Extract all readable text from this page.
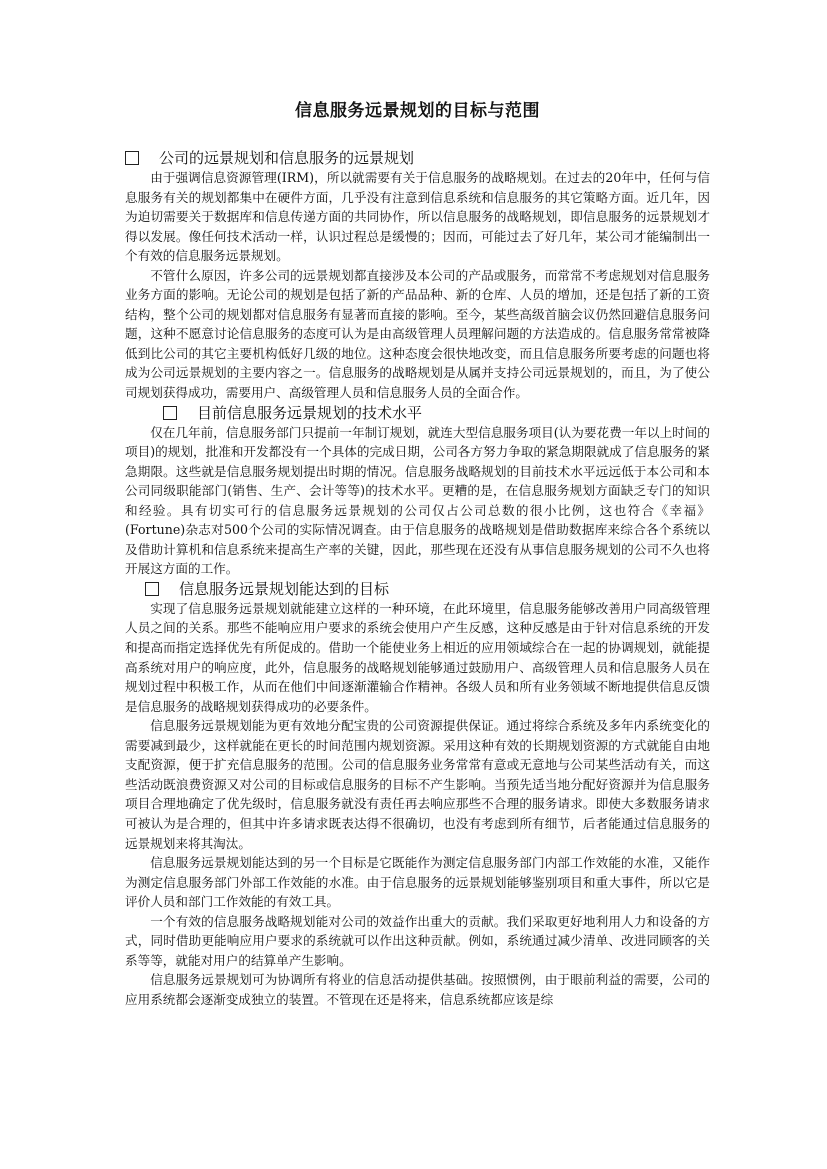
信息服务远景规划的目标与范围
公司的远景规划和信息服务的远景规划

由于强调信息资源管理(IRM)，所以就需要有关于信息服务的战略规划。在过去的20年中，任何与信息服务有关的规划都集中在硬件方面，几乎没有注意到信息系统和信息服务的其它策略方面。近几年，因为迫切需要关于数据库和信息传递方面的共同协作，所以信息服务的战略规划，即信息服务的远景规划才得以发展。像任何技术活动一样，认识过程总是缓慢的；因而，可能过去了好几年，某公司才能编制出一个有效的信息服务远景规划。

不管什么原因，许多公司的远景规划都直接涉及本公司的产品或服务，而常常不考虑规划对信息服务业务方面的影响。无论公司的规划是包括了新的产品品种、新的仓库、人员的增加，还是包括了新的工资结构，整个公司的规划都对信息服务有显著而直接的影响。至今，某些高级首脑会议仍然回避信息服务问题，这种不愿意讨论信息服务的态度可认为是由高级管理人员理解问题的方法造成的。信息服务常常被降低到比公司的其它主要机构低好几级的地位。这种态度会很快地改变，而且信息服务所要考虑的问题也将成为公司远景规划的主要内容之一。信息服务的战略规划是从属并支持公司远景规划的，而且，为了使公司规划获得成功，需要用户、高级管理人员和信息服务人员的全面合作。

目前信息服务远景规划的技术水平

仅在几年前，信息服务部门只提前一年制订规划，就连大型信息服务项目(认为要花费一年以上时间的项目)的规划，批准和开发都没有一个具体的完成日期，公司各方努力争取的紧急期限就成了信息服务的紧急期限。这些就是信息服务规划提出时期的情况。信息服务战略规划的目前技术水平远远低于本公司和本公司同级职能部门(销售、生产、会计等等)的技术水平。更糟的是，在信息服务规划方面缺乏专门的知识和经验。具有切实可行的信息服务远景规划的公司仅占公司总数的很小比例，这也符合《幸福》(Fortune)杂志对500个公司的实际情况调查。由于信息服务的战略规划是借助数据库来综合各个系统以及借助计算机和信息系统来提高生产率的关键，因此，那些现在还没有从事信息服务规划的公司不久也将开展这方面的工作。

信息服务远景规划能达到的目标

实现了信息服务远景规划就能建立这样的一种环境，在此环境里，信息服务能够改善用户同高级管理人员之间的关系。那些不能响应用户要求的系统会使用户产生反感，这种反感是由于针对信息系统的开发和提高而指定选择优先有所促成的。借助一个能使业务上相近的应用领域综合在一起的协调规划，就能提高系统对用户的响应度，此外，信息服务的战略规划能够通过鼓励用户、高级管理人员和信息服务人员在规划过程中积极工作，从而在他们中间逐渐灌输合作精神。各级人员和所有业务领域不断地提供信息反馈是信息服务的战略规划获得成功的必要条件。

信息服务远景规划能为更有效地分配宝贵的公司资源提供保证。通过将综合系统及多年内系统变化的需要减到最少，这样就能在更长的时间范围内规划资源。采用这种有效的长期规划资源的方式就能自由地支配资源，便于扩充信息服务的范围。公司的信息服务业务常常有意或无意地与公司某些活动有关，而这些活动既浪费资源又对公司的目标或信息服务的目标不产生影响。当预先适当地分配好资源并为信息服务项目合理地确定了优先级时，信息服务就没有责任再去响应那些不合理的服务请求。即使大多数服务请求可被认为是合理的，但其中许多请求既表达得不很确切，也没有考虑到所有细节，后者能通过信息服务的远景规划来将其淘汰。

信息服务远景规划能达到的另一个目标是它既能作为测定信息服务部门内部工作效能的水准，又能作为测定信息服务部门外部工作效能的水准。由于信息服务的远景规划能够鉴别项目和重大事件，所以它是评价人员和部门工作效能的有效工具。

一个有效的信息服务战略规划能对公司的效益作出重大的贡献。我们采取更好地利用人力和设备的方式，同时借助更能响应用户要求的系统就可以作出这种贡献。例如，系统通过减少清单、改进同顾客的关系等等，就能对用户的结算单产生影响。

信息服务远景规划可为协调所有将业的信息活动提供基础。按照惯例，由于眼前利益的需要，公司的应用系统都会逐渐变成独立的装置。不管现在还是将来，信息系统都应该是综
